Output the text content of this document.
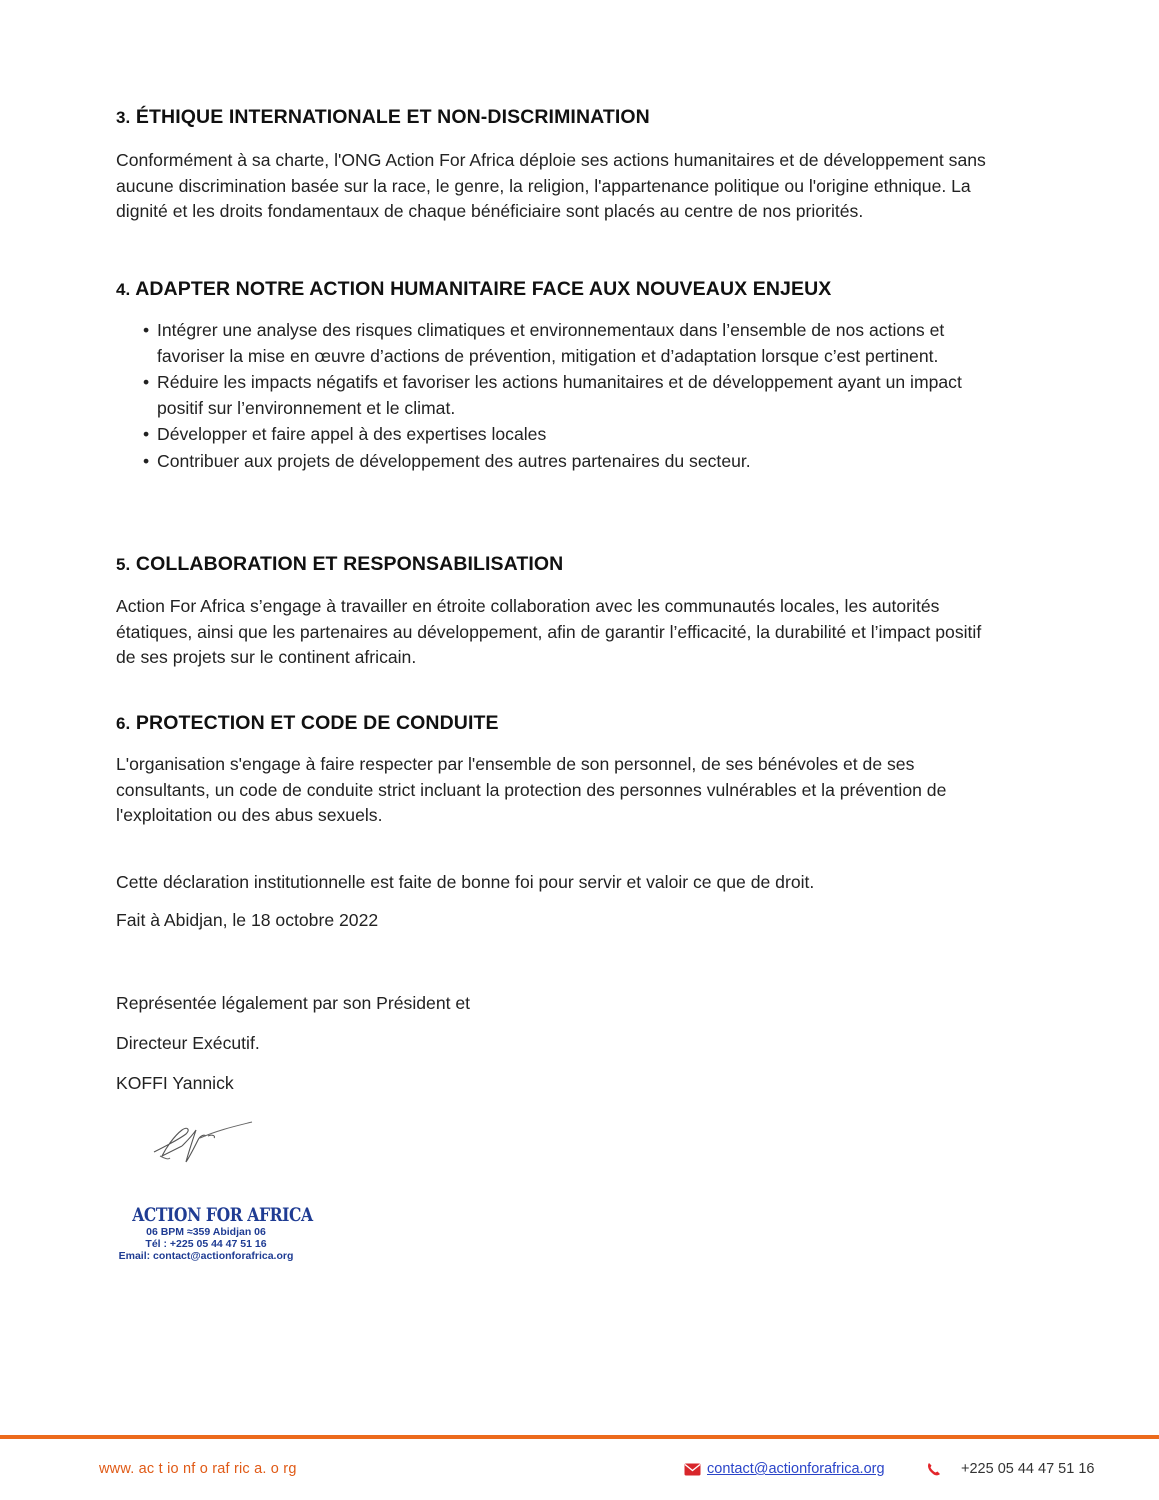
3. ÉTHIQUE INTERNATIONALE ET NON-DISCRIMINATION

Conformément à sa charte, l'ONG Action For Africa déploie ses actions humanitaires et de développement sans aucune discrimination basée sur la race, le genre, la religion, l'appartenance politique ou l'origine ethnique. La dignité et les droits fondamentaux de chaque bénéficiaire sont placés au centre de nos priorités.

4. ADAPTER NOTRE ACTION HUMANITAIRE FACE AUX NOUVEAUX ENJEUX
• Intégrer une analyse des risques climatiques et environnementaux dans l’ensemble de nos actions et favoriser la mise en œuvre d’actions de prévention, mitigation et d’adaptation lorsque c’est pertinent.
• Réduire les impacts négatifs et favoriser les actions humanitaires et de développement ayant un impact positif sur l’environnement et le climat.
• Développer et faire appel à des expertises locales
• Contribuer aux projets de développement des autres partenaires du secteur.
5. COLLABORATION ET RESPONSABILISATION

Action For Africa s’engage à travailler en étroite collaboration avec les communautés locales, les autorités étatiques, ainsi que les partenaires au développement, afin de garantir l’efficacité, la durabilité et l’impact positif de ses projets sur le continent africain.

6. PROTECTION ET CODE DE CONDUITE

L'organisation s'engage à faire respecter par l'ensemble de son personnel, de ses bénévoles et de ses consultants, un code de conduite strict incluant la protection des personnes vulnérables et la prévention de l'exploitation ou des abus sexuels.

Cette déclaration institutionnelle est faite de bonne foi pour servir et valoir ce que de droit.

Fait à Abidjan, le 18 octobre 2022

Représentée légalement par son Président et

Directeur Exécutif.

KOFFI Yannick

ACTION FOR AFRICA
06 BPM ≈359 Abidjan 06
Tél : +225 05 44 47 51 16
Email: contact@actionforafrica.org
www. ac t io nf o raf ric a. o rg	contact@actionforafrica.org	+225 05 44 47 51 16
